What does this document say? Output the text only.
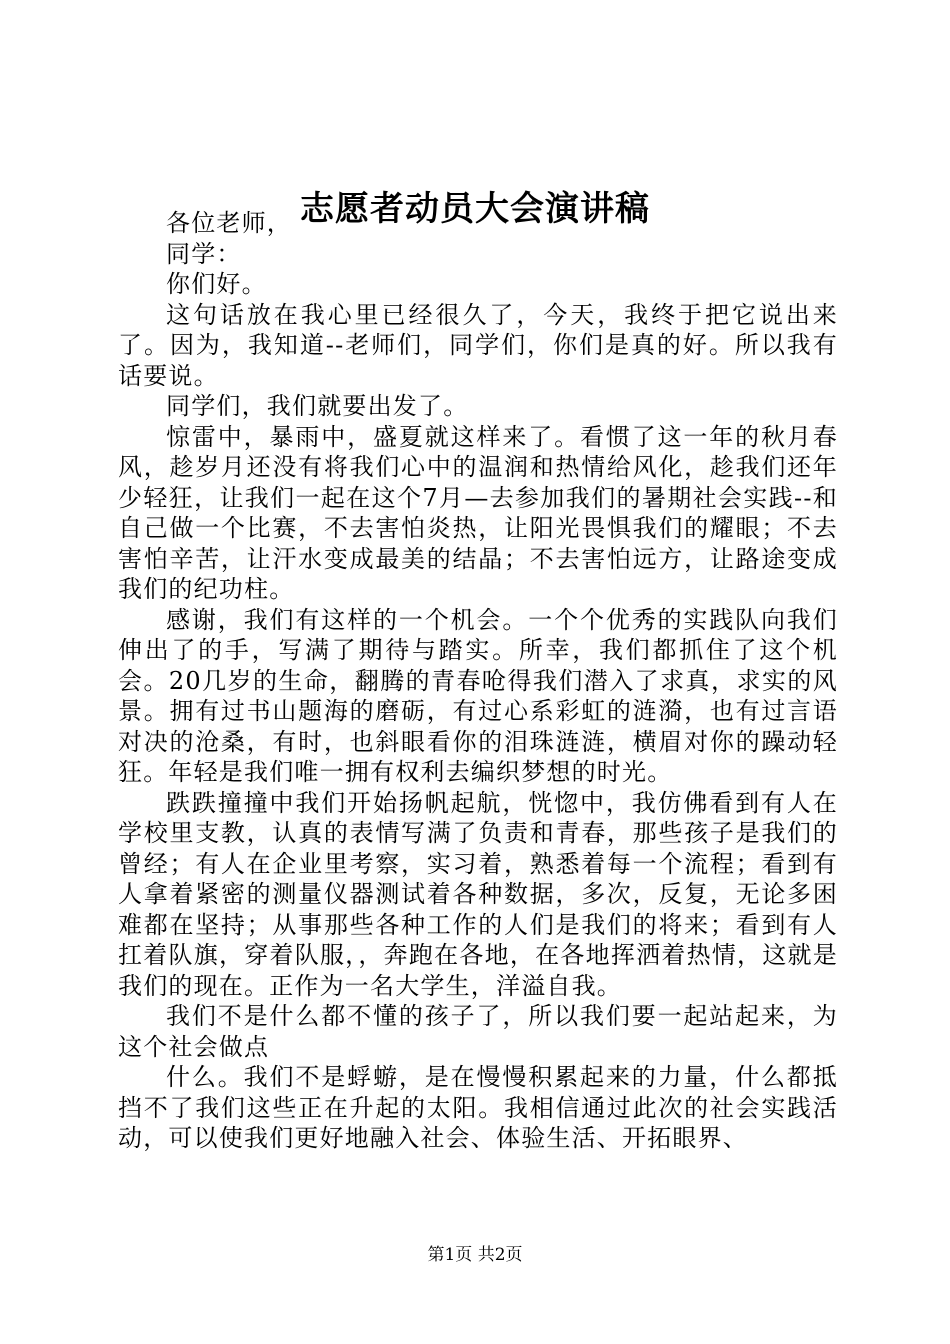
志愿者动员大会演讲稿

各位老师，

同学：

你们好。

这句话放在我心里已经很久了，今天，我终于把它说出来了。因为，我知道--老师们，同学们，你们是真的好。所以我有话要说。

同学们，我们就要出发了。

惊雷中，暴雨中，盛夏就这样来了。看惯了这一年的秋月春风，趁岁月还没有将我们心中的温润和热情给风化，趁我们还年少轻狂，让我们一起在这个7月—去参加我们的暑期社会实践--和自己做一个比赛，不去害怕炎热，让阳光畏惧我们的耀眼；不去害怕辛苦，让汗水变成最美的结晶；不去害怕远方，让路途变成我们的纪功柱。

感谢，我们有这样的一个机会。一个个优秀的实践队向我们伸出了的手，写满了期待与踏实。所幸，我们都抓住了这个机会。20几岁的生命，翻腾的青春呛得我们潜入了求真，求实的风景。拥有过书山题海的磨砺，有过心系彩虹的涟漪，也有过言语对决的沧桑，有时，也斜眼看你的泪珠涟涟，横眉对你的躁动轻狂。年轻是我们唯一拥有权利去编织梦想的时光。

跌跌撞撞中我们开始扬帆起航，恍惚中，我仿佛看到有人在学校里支教，认真的表情写满了负责和青春，那些孩子是我们的曾经；有人在企业里考察，实习着，熟悉着每一个流程；看到有人拿着紧密的测量仪器测试着各种数据，多次，反复，无论多困难都在坚持；从事那些各种工作的人们是我们的将来；看到有人扛着队旗，穿着队服，，奔跑在各地，在各地挥洒着热情，这就是我们的现在。正作为一名大学生，洋溢自我。

我们不是什么都不懂的孩子了，所以我们要一起站起来，为这个社会做点

什么。我们不是蜉蝣，是在慢慢积累起来的力量，什么都抵挡不了我们这些正在升起的太阳。我相信通过此次的社会实践活动，可以使我们更好地融入社会、体验生活、开拓眼界、

第1页 共2页
